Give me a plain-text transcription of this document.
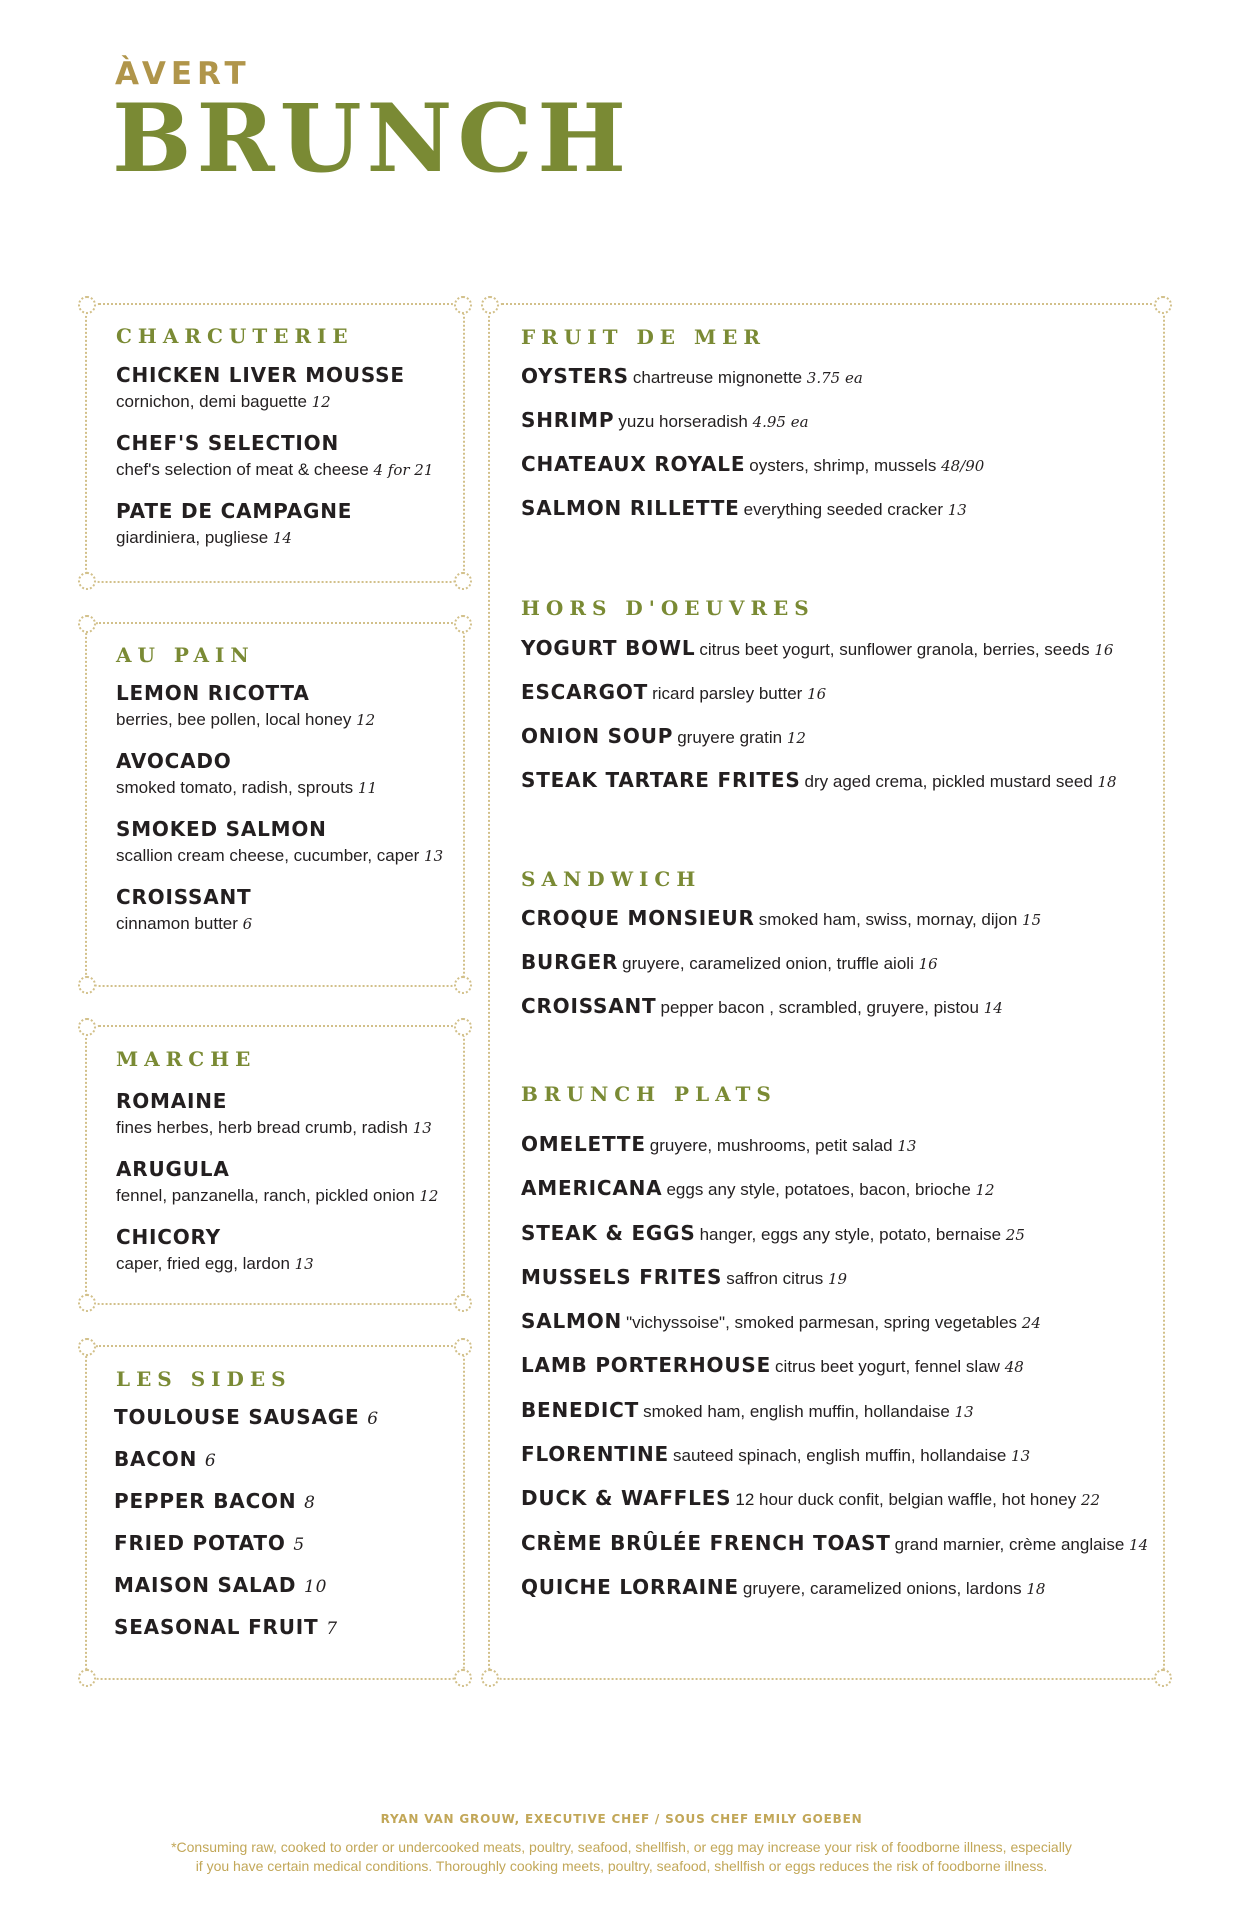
ÀVERT
BRUNCH
CHARCUTERIE
CHICKEN LIVER MOUSSE
cornichon, demi baguette 12
CHEF'S SELECTION
chef's selection of meat & cheese 4 for 21
PATE DE CAMPAGNE
giardiniera, pugliese 14
AU PAIN
LEMON RICOTTA
berries, bee pollen, local honey 12
AVOCADO
smoked tomato, radish, sprouts 11
SMOKED SALMON
scallion cream cheese, cucumber, caper 13
CROISSANT
cinnamon butter 6
MARCHE
ROMAINE
fines herbes, herb bread crumb, radish 13
ARUGULA
fennel, panzanella, ranch, pickled onion 12
CHICORY
caper, fried egg, lardon 13
LES SIDES
TOULOUSE SAUSAGE 6
BACON 6
PEPPER BACON 8
FRIED POTATO 5
MAISON SALAD 10
SEASONAL FRUIT 7
FRUIT DE MER
OYSTERS chartreuse mignonette 3.75 ea
SHRIMP yuzu horseradish 4.95 ea
CHATEAUX ROYALE oysters, shrimp, mussels 48/90
SALMON RILLETTE everything seeded cracker 13
HORS D'OEUVRES
YOGURT BOWL citrus beet yogurt, sunflower granola, berries, seeds 16
ESCARGOT ricard parsley butter 16
ONION SOUP gruyere gratin 12
STEAK TARTARE FRITES dry aged crema, pickled mustard seed 18
SANDWICH
CROQUE MONSIEUR smoked ham, swiss, mornay, dijon 15
BURGER gruyere, caramelized onion, truffle aioli 16
CROISSANT pepper bacon , scrambled, gruyere, pistou 14
BRUNCH PLATS
OMELETTE gruyere, mushrooms, petit salad 13
AMERICANA eggs any style, potatoes, bacon, brioche 12
STEAK & EGGS hanger, eggs any style, potato, bernaise 25
MUSSELS FRITES saffron citrus 19
SALMON "vichyssoise", smoked parmesan, spring vegetables 24
LAMB PORTERHOUSE citrus beet yogurt, fennel slaw 48
BENEDICT smoked ham, english muffin, hollandaise 13
FLORENTINE sauteed spinach, english muffin, hollandaise 13
DUCK & WAFFLES 12 hour duck confit, belgian waffle, hot honey 22
CRÈME BRÛLÉE FRENCH TOAST grand marnier, crème anglaise 14
QUICHE LORRAINE gruyere, caramelized onions, lardons 18
RYAN VAN GROUW, EXECUTIVE CHEF / SOUS CHEF EMILY GOEBEN
*Consuming raw, cooked to order or undercooked meats, poultry, seafood, shellfish, or egg may increase your risk of foodborne illness, especially
if you have certain medical conditions. Thoroughly cooking meets, poultry, seafood, shellfish or eggs reduces the risk of foodborne illness.
